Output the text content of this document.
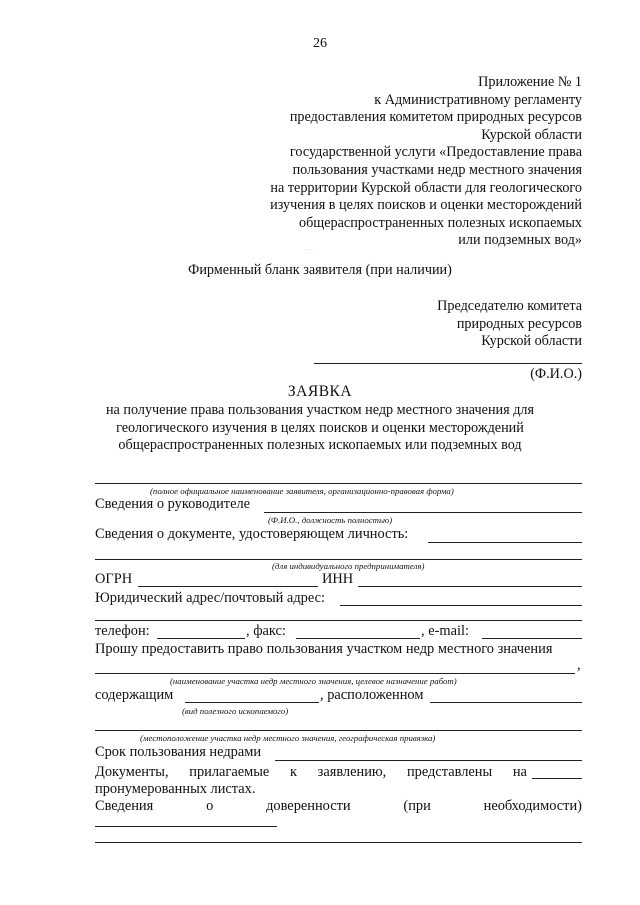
26
Приложение № 1
к Административному регламенту
предоставления комитетом природных ресурсов
Курской области
государственной услуги «Предоставление права
пользования участками недр местного значения
на территории Курской области для геологического
изучения в целях поисков и оценки месторождений
общераспространенных полезных ископаемых
или подземных вод»
. . .
Фирменный бланк заявителя (при наличии)
Председателю комитета
природных ресурсов
Курской области
(Ф.И.О.)
ЗАЯВКА
на получение права пользования участком недр местного значения для геологического изучения в целях поисков и оценки месторождений общераспространенных полезных ископаемых или подземных вод
(полное официальное наименование заявителя, организационно-правовая форма)
Сведения о руководителе
(Ф.И.О., должность полностью)
Сведения о документе, удостоверяющем личность:
(для индивидуального предпринимателя)
ОГРН	ИНН
Юридический адрес/почтовый адрес:
телефон:	, факс:	, e-mail:
Прошу предоставить право пользования участком недр местного значения
,
(наименование участка недр местного значения, целевое назначение работ)
содержащим	, расположенном
(вид полезного ископаемого)
(местоположение участка недр местного значения, географическая привязка)
Срок пользования недрами
Документы, прилагаемые к заявлению, представлены на
пронумерованных листах.
Сведения	о	доверенности	(при	необходимости)
